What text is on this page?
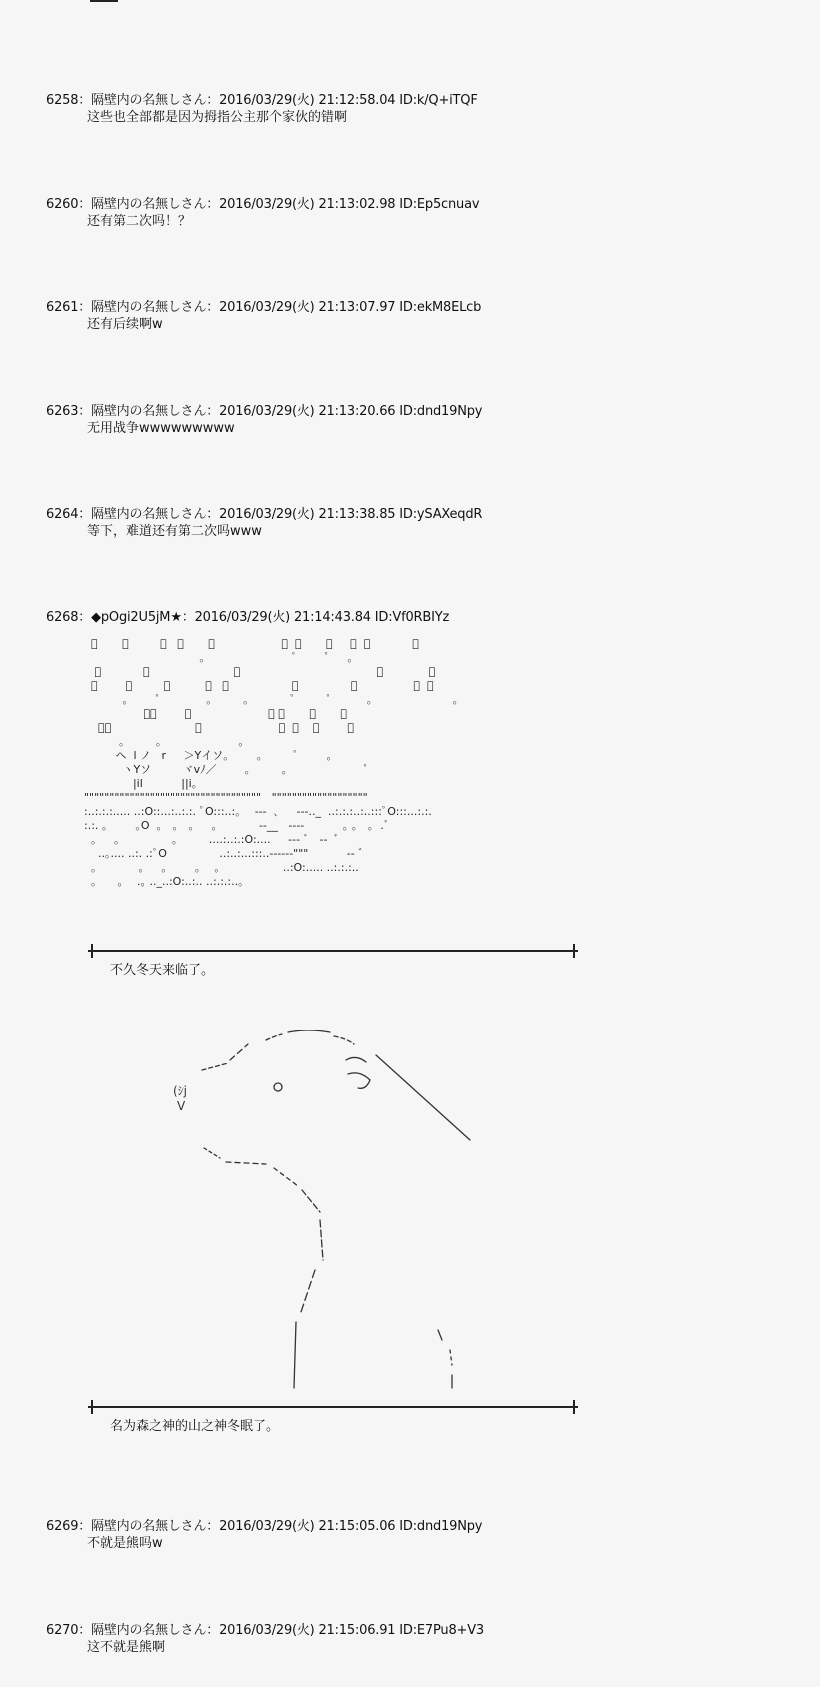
6258：隔壁内の名無しさん：2016/03/29(火) 21:12:58.04 ID:k/Q+iTQF
这些也全部都是因为拇指公主那个家伙的错啊
6260：隔壁内の名無しさん：2016/03/29(火) 21:13:02.98 ID:Ep5cnuav
还有第二次吗！？
6261：隔壁内の名無しさん：2016/03/29(火) 21:13:07.97 ID:ekM8ELcb
还有后续啊w
6263：隔壁内の名無しさん：2016/03/29(火) 21:13:20.66 ID:dnd19Npy
无用战争wwwwwwwww
6264：隔壁内の名無しさん：2016/03/29(火) 21:13:38.85 ID:ySAXeqdR
等下，难道还有第二次吗www
6268：◆pOgi2U5jM★：2016/03/29(火) 21:14:43.84 ID:Vf0RBIYz
ﾟ       ｡         ﾟ   ﾟ       ｡                   ﾟ  ﾟ       ｡     ﾟ  ｡            ﾟ
｡                         ﾟ        ﾟ     ｡
ﾟ            ｡                        ｡                                       ｡             ｡
ﾟ        ｡         ｡          ｡   ﾟ                  ﾟ               ｡                ﾟ  ﾟ
｡        ﾟ             ｡         ｡            ﾟ         ﾟ          ｡                       ｡
ﾟ｡        ｡                      ﾟ ﾟ       ｡       ｡
ﾟ｡                        ｡                      ﾟ  ｡    ｡        ﾟ
｡         ｡                      ｡
ヘ  l ノ   r     ＞Yイソ｡        ｡         ﾟ        ｡
ヽYソ         ヾvﾉ／        ｡         ｡                      ﾟ
|il           ||i｡
"""""""""""""""""""""""""""""""""""   """""""""""""""""""
:..:.:.:..... ..:O::...:..:.:. ﾟO:::..:｡    ‐‐‐  ､     ‐‐‐.._  ..:.:.:..:..:::ﾟO:::...:.:.
:.:. ｡        ｡O  ｡   ｡   ｡     ｡            ‐‐__   ‐‐‐‐           ｡ ｡   ｡  .ﾞ
｡     ｡               ｡         ....:..:.:O:....     ‐‐‐ ﾞ   ‐‐  ﾞ
..｡.... ..:. .:ﾟO               ..:..:...:::..‐‐‐‐‐‐"""           ‐‐ ﾞ
｡            ｡     ｡        ｡    ｡                  ..:O:..... ..:.:.:..
｡      ｡    .｡ .._..:O:..:.. ..:.:.:..｡
不久冬天来临了。
(ｼj
V
名为森之神的山之神冬眠了。
6269：隔壁内の名無しさん：2016/03/29(火) 21:15:05.06 ID:dnd19Npy
不就是熊吗w
6270：隔壁内の名無しさん：2016/03/29(火) 21:15:06.91 ID:E7Pu8+V3
这不就是熊啊
